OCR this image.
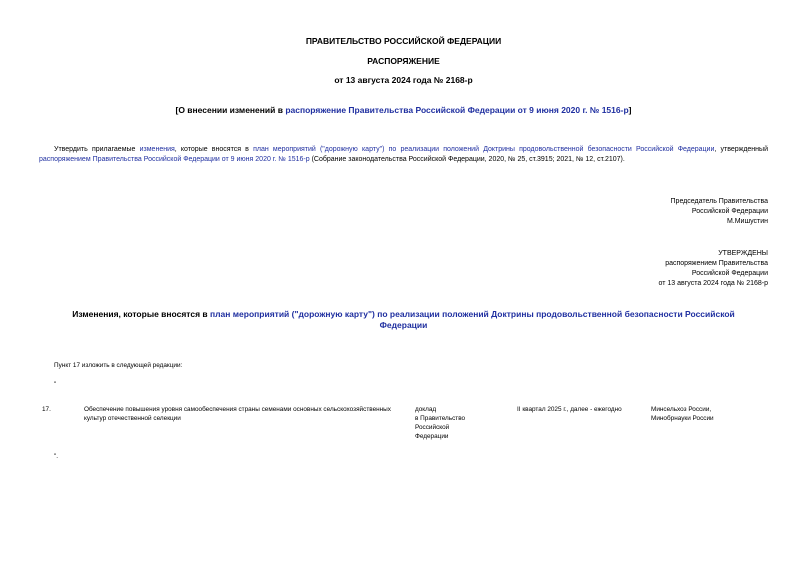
ПРАВИТЕЛЬСТВО РОССИЙСКОЙ ФЕДЕРАЦИИ
РАСПОРЯЖЕНИЕ
от 13 августа 2024 года № 2168-р
[О внесении изменений в распоряжение Правительства Российской Федерации от 9 июня 2020 г. № 1516-р]
Утвердить прилагаемые изменения, которые вносятся в план мероприятий ("дорожную карту") по реализации положений Доктрины продовольственной безопасности Российской Федерации, утвержденный распоряжением Правительства Российской Федерации от 9 июня 2020 г. № 1516-р (Собрание законодательства Российской Федерации, 2020, № 25, ст.3915; 2021, № 12, ст.2107).
Председатель Правительства
Российской Федерации
М.Мишустин
УТВЕРЖДЕНЫ
распоряжением Правительства
Российской Федерации
от 13 августа 2024 года № 2168-р
Изменения, которые вносятся в план мероприятий ("дорожную карту") по реализации положений Доктрины продовольственной безопасности Российской
Федерации
Пункт 17 изложить в следующей редакции:
"
17.	Обеспечение повышения уровня самообеспечения страны семенами основных сельскохозяйственных
культур отечественной селекции
доклад
в Правительство
Российской
Федерации
II квартал 2025 г., далее - ежегодно	Минсельхоз России,
Минобрнауки России
".
